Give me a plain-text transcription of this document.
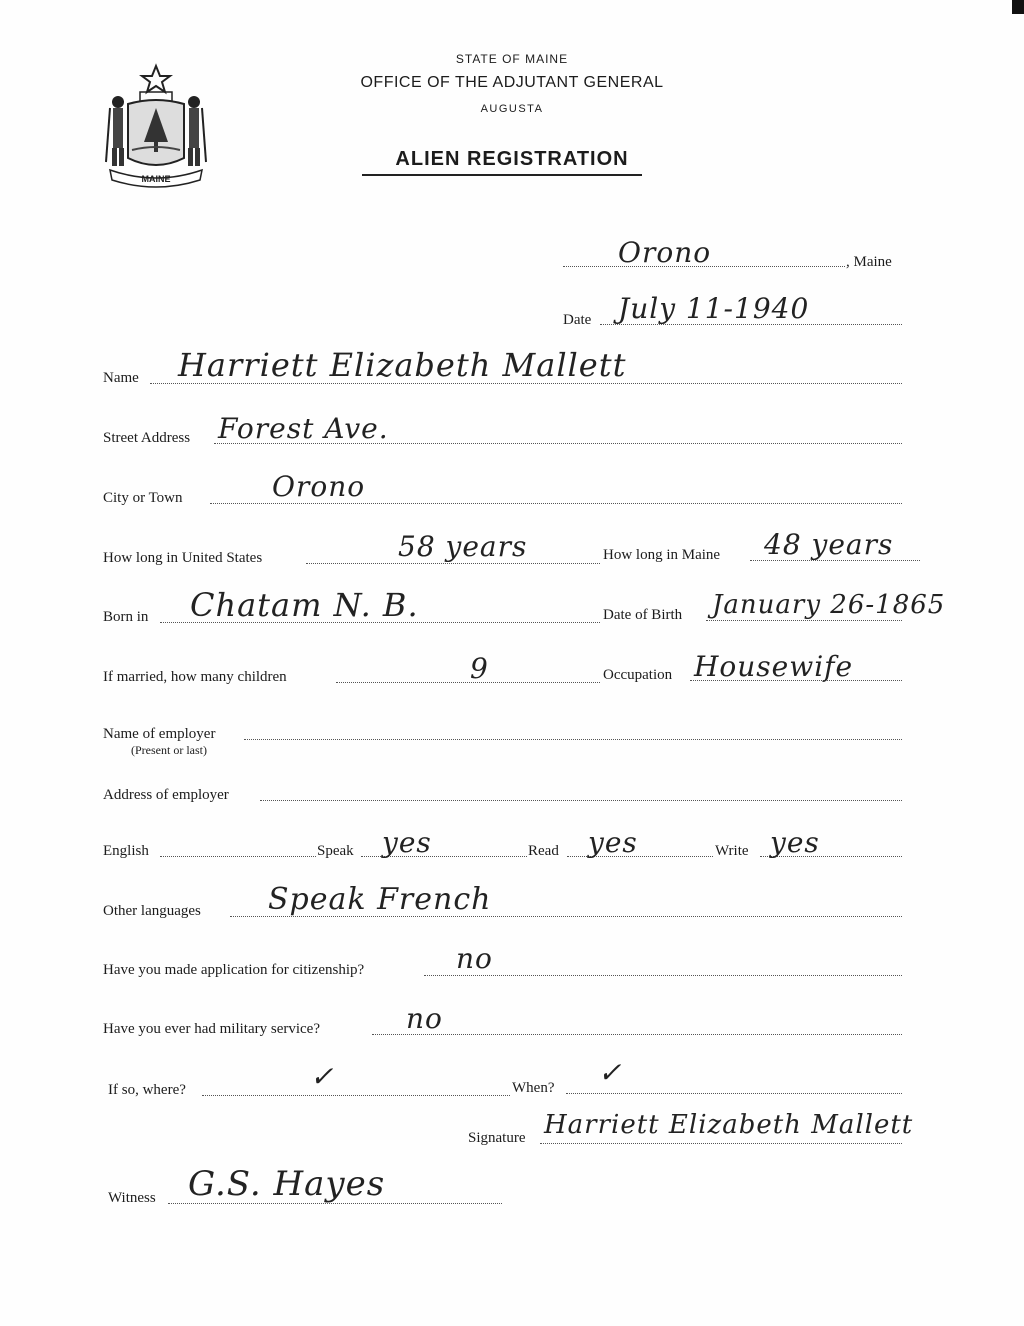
MAINE
STATE OF MAINE
OFFICE OF THE ADJUTANT GENERAL
AUGUSTA
ALIEN REGISTRATION
Orono	, Maine
Date July 11-1940
Name Harriett Elizabeth Mallett
Street Address Forest Ave.
City or Town	Orono
How long in United States	58 years	How long in Maine 48 years
Born in Chatam N. B.	Date of Birth January 26-1865
If married, how many children	9	Occupation Housewife
Name of employer
(Present or last)
Address of employer
English	Speak yes	Read yes	Write yes
Other languages Speak French
Have you made application for citizenship?	no
Have you ever had military service?	no
If so, where?	✓	When? ✓
Signature Harriett Elizabeth Mallett
Witness G.S. Hayes
